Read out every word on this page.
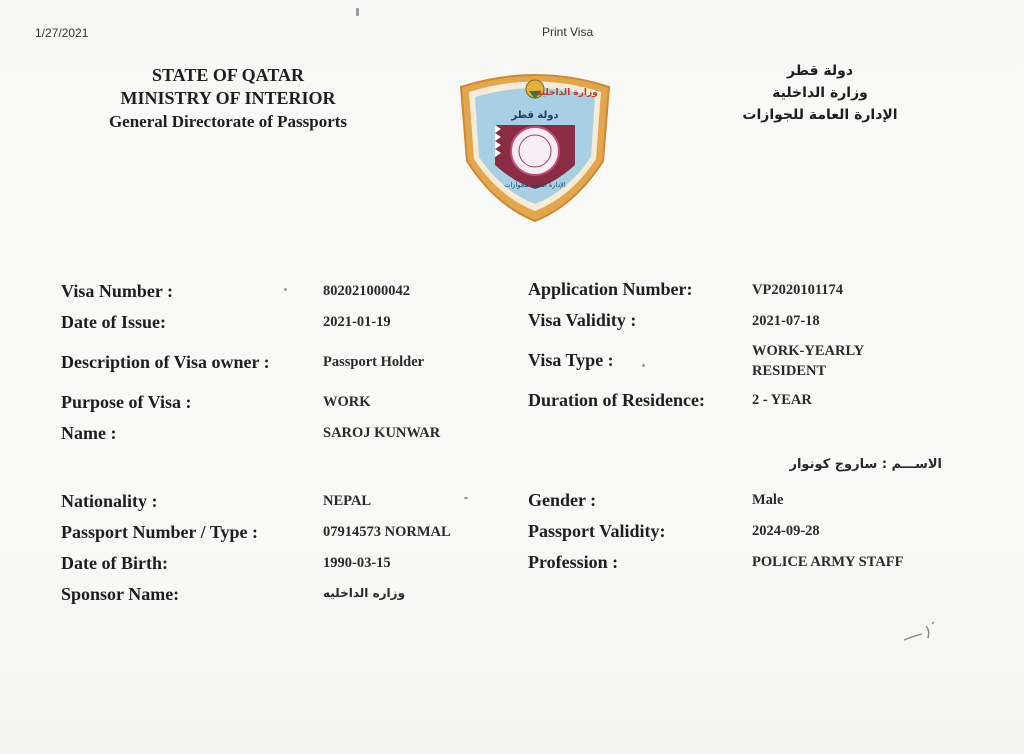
1/27/2021	Print Visa
STATE OF QATAR
MINISTRY OF INTERIOR
General Directorate of Passports
دولة قطر
وزارة الداخلية
الإدارة العامة للجوازات
دولة قطر
وزارة الداخلية
الإدارة العامة للجوازات
Visa Number :	802021000042
Date of Issue:	2021-01-19
Description of Visa owner :	Passport Holder
Purpose of Visa :	WORK
Name :	SAROJ KUNWAR
الاســـم : ساروج كونوار
Nationality :	NEPAL
Passport Number / Type :	07914573 NORMAL
Date of Birth:	1990-03-15
Sponsor Name:	وزاره الداخليه
Application Number:	VP2020101174
Visa Validity :	2021-07-18
Visa Type :	WORK-YEARLY RESIDENT
Duration of Residence:	2 - YEAR
Gender :	Male
Passport Validity:	2024-09-28
Profession :	POLICE ARMY STAFF
